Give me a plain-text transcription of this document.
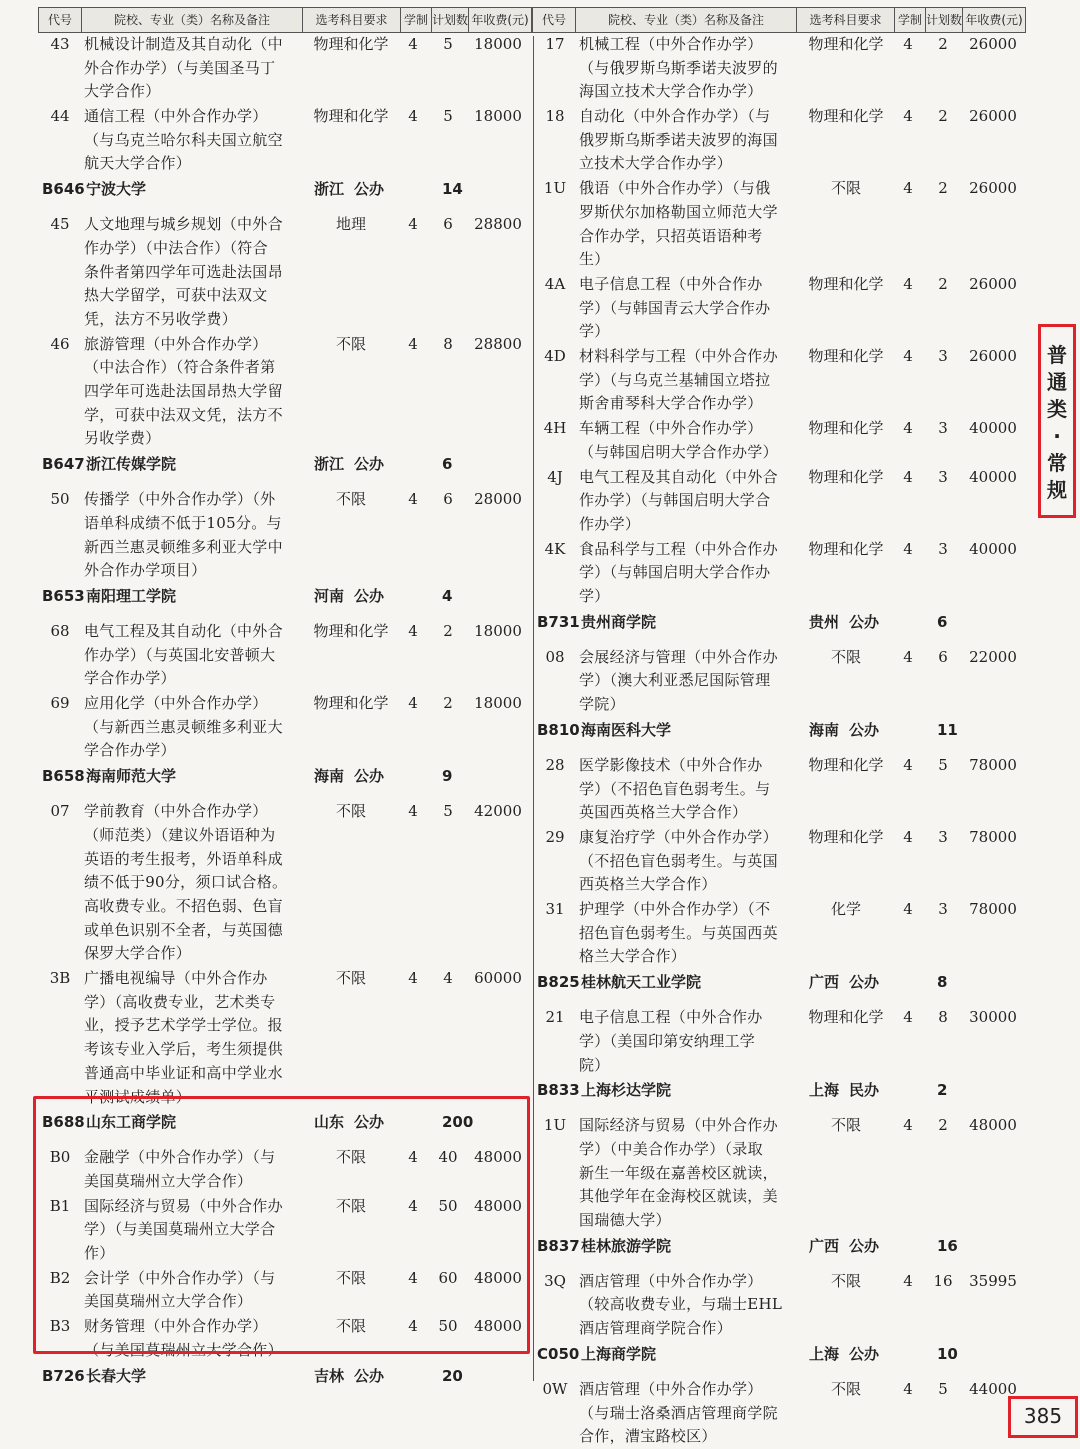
代号	院校、专业（类）名称及备注	选考科目要求	学制 计划数 年收费(元)	代号	院校、专业（类）名称及备注	选考科目要求	学制 计划数 年收费(元)
43 机械设计制造及其自动化（中
外合作办学）（与美国圣马丁
大学合作）
物理和化学	4	5	18000
44 通信工程（中外合作办学）
（与乌克兰哈尔科夫国立航空
航天大学合作）
物理和化学	4	5	18000
B646 宁波大学	浙江 公办	14
45 人文地理与城乡规划（中外合
作办学）（中法合作）（符合
条件者第四学年可选赴法国昂
热大学留学，可获中法双文
凭，法方不另收学费）
地理	4	6	28800
46 旅游管理（中外合作办学）
（中法合作）（符合条件者第
四学年可选赴法国昂热大学留
学，可获中法双文凭，法方不
另收学费）
不限	4	8	28800
B647 浙江传媒学院	浙江 公办	6
50 传播学（中外合作办学）（外
语单科成绩不低于105分。与
新西兰惠灵顿维多利亚大学中
外合作办学项目）
不限	4	6	28000
B653 南阳理工学院	河南 公办	4
68 电气工程及其自动化（中外合
作办学）（与英国北安普顿大
学合作办学）
物理和化学	4	2	18000
69 应用化学（中外合作办学）
（与新西兰惠灵顿维多利亚大
学合作办学）
物理和化学	4	2	18000
B658 海南师范大学	海南 公办	9
07 学前教育（中外合作办学）
（师范类）（建议外语语种为
英语的考生报考，外语单科成
绩不低于90分，须口试合格。
高收费专业。不招色弱、色盲
或单色识别不全者，与英国德
保罗大学合作）
不限	4	5	42000
3B 广播电视编导（中外合作办
学）（高收费专业，艺术类专
业，授予艺术学学士学位。报
考该专业入学后，考生须提供
普通高中毕业证和高中学业水
平测试成绩单）
不限	4	4	60000
B688 山东工商学院	山东 公办	200
B0 金融学（中外合作办学）（与
美国莫瑞州立大学合作）
不限	4	40	48000
B1 国际经济与贸易（中外合作办
学）（与美国莫瑞州立大学合
作）
不限	4	50	48000
B2 会计学（中外合作办学）（与
美国莫瑞州立大学合作）
不限	4	60	48000
B3 财务管理（中外合作办学）
（与美国莫瑞州立大学合作）
不限	4	50	48000
B726 长春大学	吉林 公办	20
17 机械工程（中外合作办学）
（与俄罗斯乌斯季诺夫波罗的
海国立技术大学合作办学）
物理和化学	4	2	26000
18 自动化（中外合作办学）（与
俄罗斯乌斯季诺夫波罗的海国
立技术大学合作办学）
物理和化学	4	2	26000
1U 俄语（中外合作办学）（与俄
罗斯伏尔加格勒国立师范大学
合作办学，只招英语语种考
生）
不限	4	2	26000
4A 电子信息工程（中外合作办
学）（与韩国青云大学合作办
学）
物理和化学	4	2	26000
4D 材料科学与工程（中外合作办
学）（与乌克兰基辅国立塔拉
斯舍甫琴科大学合作办学）
物理和化学	4	3	26000
4H 车辆工程（中外合作办学）
（与韩国启明大学合作办学）
物理和化学	4	3	40000
4J	电气工程及其自动化（中外合
作办学）（与韩国启明大学合
作办学）
物理和化学	4	3	40000
4K 食品科学与工程（中外合作办
学）（与韩国启明大学合作办
学）
物理和化学	4	3	40000
B731 贵州商学院	贵州 公办	6
08 会展经济与管理（中外合作办
学）（澳大利亚悉尼国际管理
学院）
不限	4	6	22000
B810 海南医科大学	海南 公办	11
28 医学影像技术（中外合作办
学）（不招色盲色弱考生。与
英国西英格兰大学合作）
物理和化学	4	5	78000
29 康复治疗学（中外合作办学）
（不招色盲色弱考生。与英国
西英格兰大学合作）
物理和化学	4	3	78000
31 护理学（中外合作办学）（不
招色盲色弱考生。与英国西英
格兰大学合作）
化学	4	3	78000
B825 桂林航天工业学院	广西 公办	8
21 电子信息工程（中外合作办
学）（美国印第安纳理工学
院）
物理和化学	4	8	30000
B833 上海杉达学院	上海 民办	2
1U 国际经济与贸易（中外合作办
学）（中美合作办学）（录取
新生一年级在嘉善校区就读，
其他学年在金海校区就读，美
国瑞德大学）
不限	4	2	48000
B837 桂林旅游学院	广西 公办	16
3Q 酒店管理（中外合作办学）
（较高收费专业，与瑞士EHL
酒店管理商学院合作）
不限	4	16	35995
C050 上海商学院	上海 公办	10
0W 酒店管理（中外合作办学）
（与瑞士洛桑酒店管理商学院
合作，漕宝路校区）
不限	4	5	44000
普
通
类
·
常
规
385
